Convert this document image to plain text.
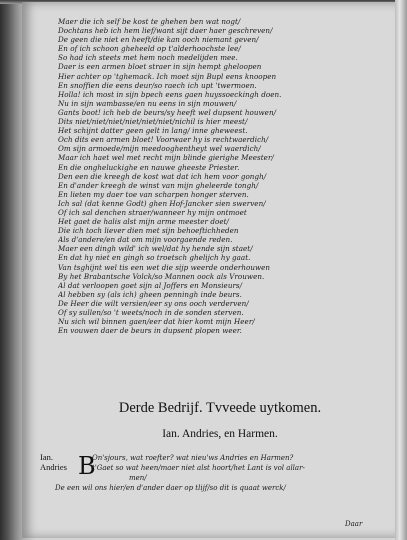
Maer die ich self be kost te ghehen ben wat nogt/
Dochtans heb ich hem lief/want sijt daer haer geschreven/
De geen die niet en heeft/die kan ooch niemant geven/
En of ich schoon gheheeld op t'alderhoochste lee/
So had ich steets met hem noch medelijden mee.
Daer is een armen bloet straer in sijn hempt gheloopen
Hier achter op 'tghemack. Ich moet sijn Bupl eens knoopen
En snoffien die eens deur/so raech ich upt 'twermoen.
Holla! ich most in sijn bpech eens gaen huyssoeckingh doen.
Nu in sijn wambasse/en nu eens in sijn mouwen/
Gants boot! ich heb de beurs/sy heeft wel dupsent houwen/
Dits niet/niet/niet/niet/niet/niet/nichil is hier meest/
Het schijnt datter geen gelt in lang/ inne gheweest.
Och dits een armen bloet! Voorwaer hy is rechtwaerdich/
Om sijn armoede/mijn meedooghentheyt wel waerdich/
Maar ich haet wel met recht mijn blinde gierighe Meester/
En die ongheluckighe en nauwe gheeste Priester.
Den een die kreegh de kost wat dat ich hem voor gongh/
En d'ander kreegh de winst van mijn gheleerde tongh/
En lieten my daer toe van scharpen honger sterven.
Ich sal (dat kenne Godt) ghen Hof-Jancker sien swerven/
Of ich sal denchen straer/wanneer hy mijn ontmoet
Het gaet de halis alst mijn arme meester doet/
Die ich toch liever dien met sijn behoeftichheden
Als d'andere/en dat om mijn voorgaende reden.
Maer een dingh wild' ich wel/dat hy hende sijn staet/
En dat hy niet en gingh so troetsch ghelijch hy gaat.
Van tsghijnt wel tis een wet die sijp weerde onderhouwen
By het Brabantsche Volck/so Mannen oock als Vrouwen.
Al dat verloopen goet sijn al Joffers en Monsieurs/
Al hebben sy (als ich) gheen penningh inde beurs.
De Heer die wilt versien/eer sy ons ooch verderven/
Of sy sullen/so 't weets/noch in de sonden sterven.
Nu sich wil binnen gaen/eer dat hier komt mijn Heer/
En vouwen daer de beurs in dupsent plopen weer.
Derde Bedrijf. Tvveede uytkomen.
Ian. Andries, en Harmen.
Ian.
Andries B
On'sjours, wat roefter? wat nieu'ws Andries en Harmen?
t'Gaet so wat heen/maer niet alst hoort/het Lant is vol allar-
men/
De een wil ons hier/en d'ander daer op tlijf/so dit is quaat werck/
Daar
